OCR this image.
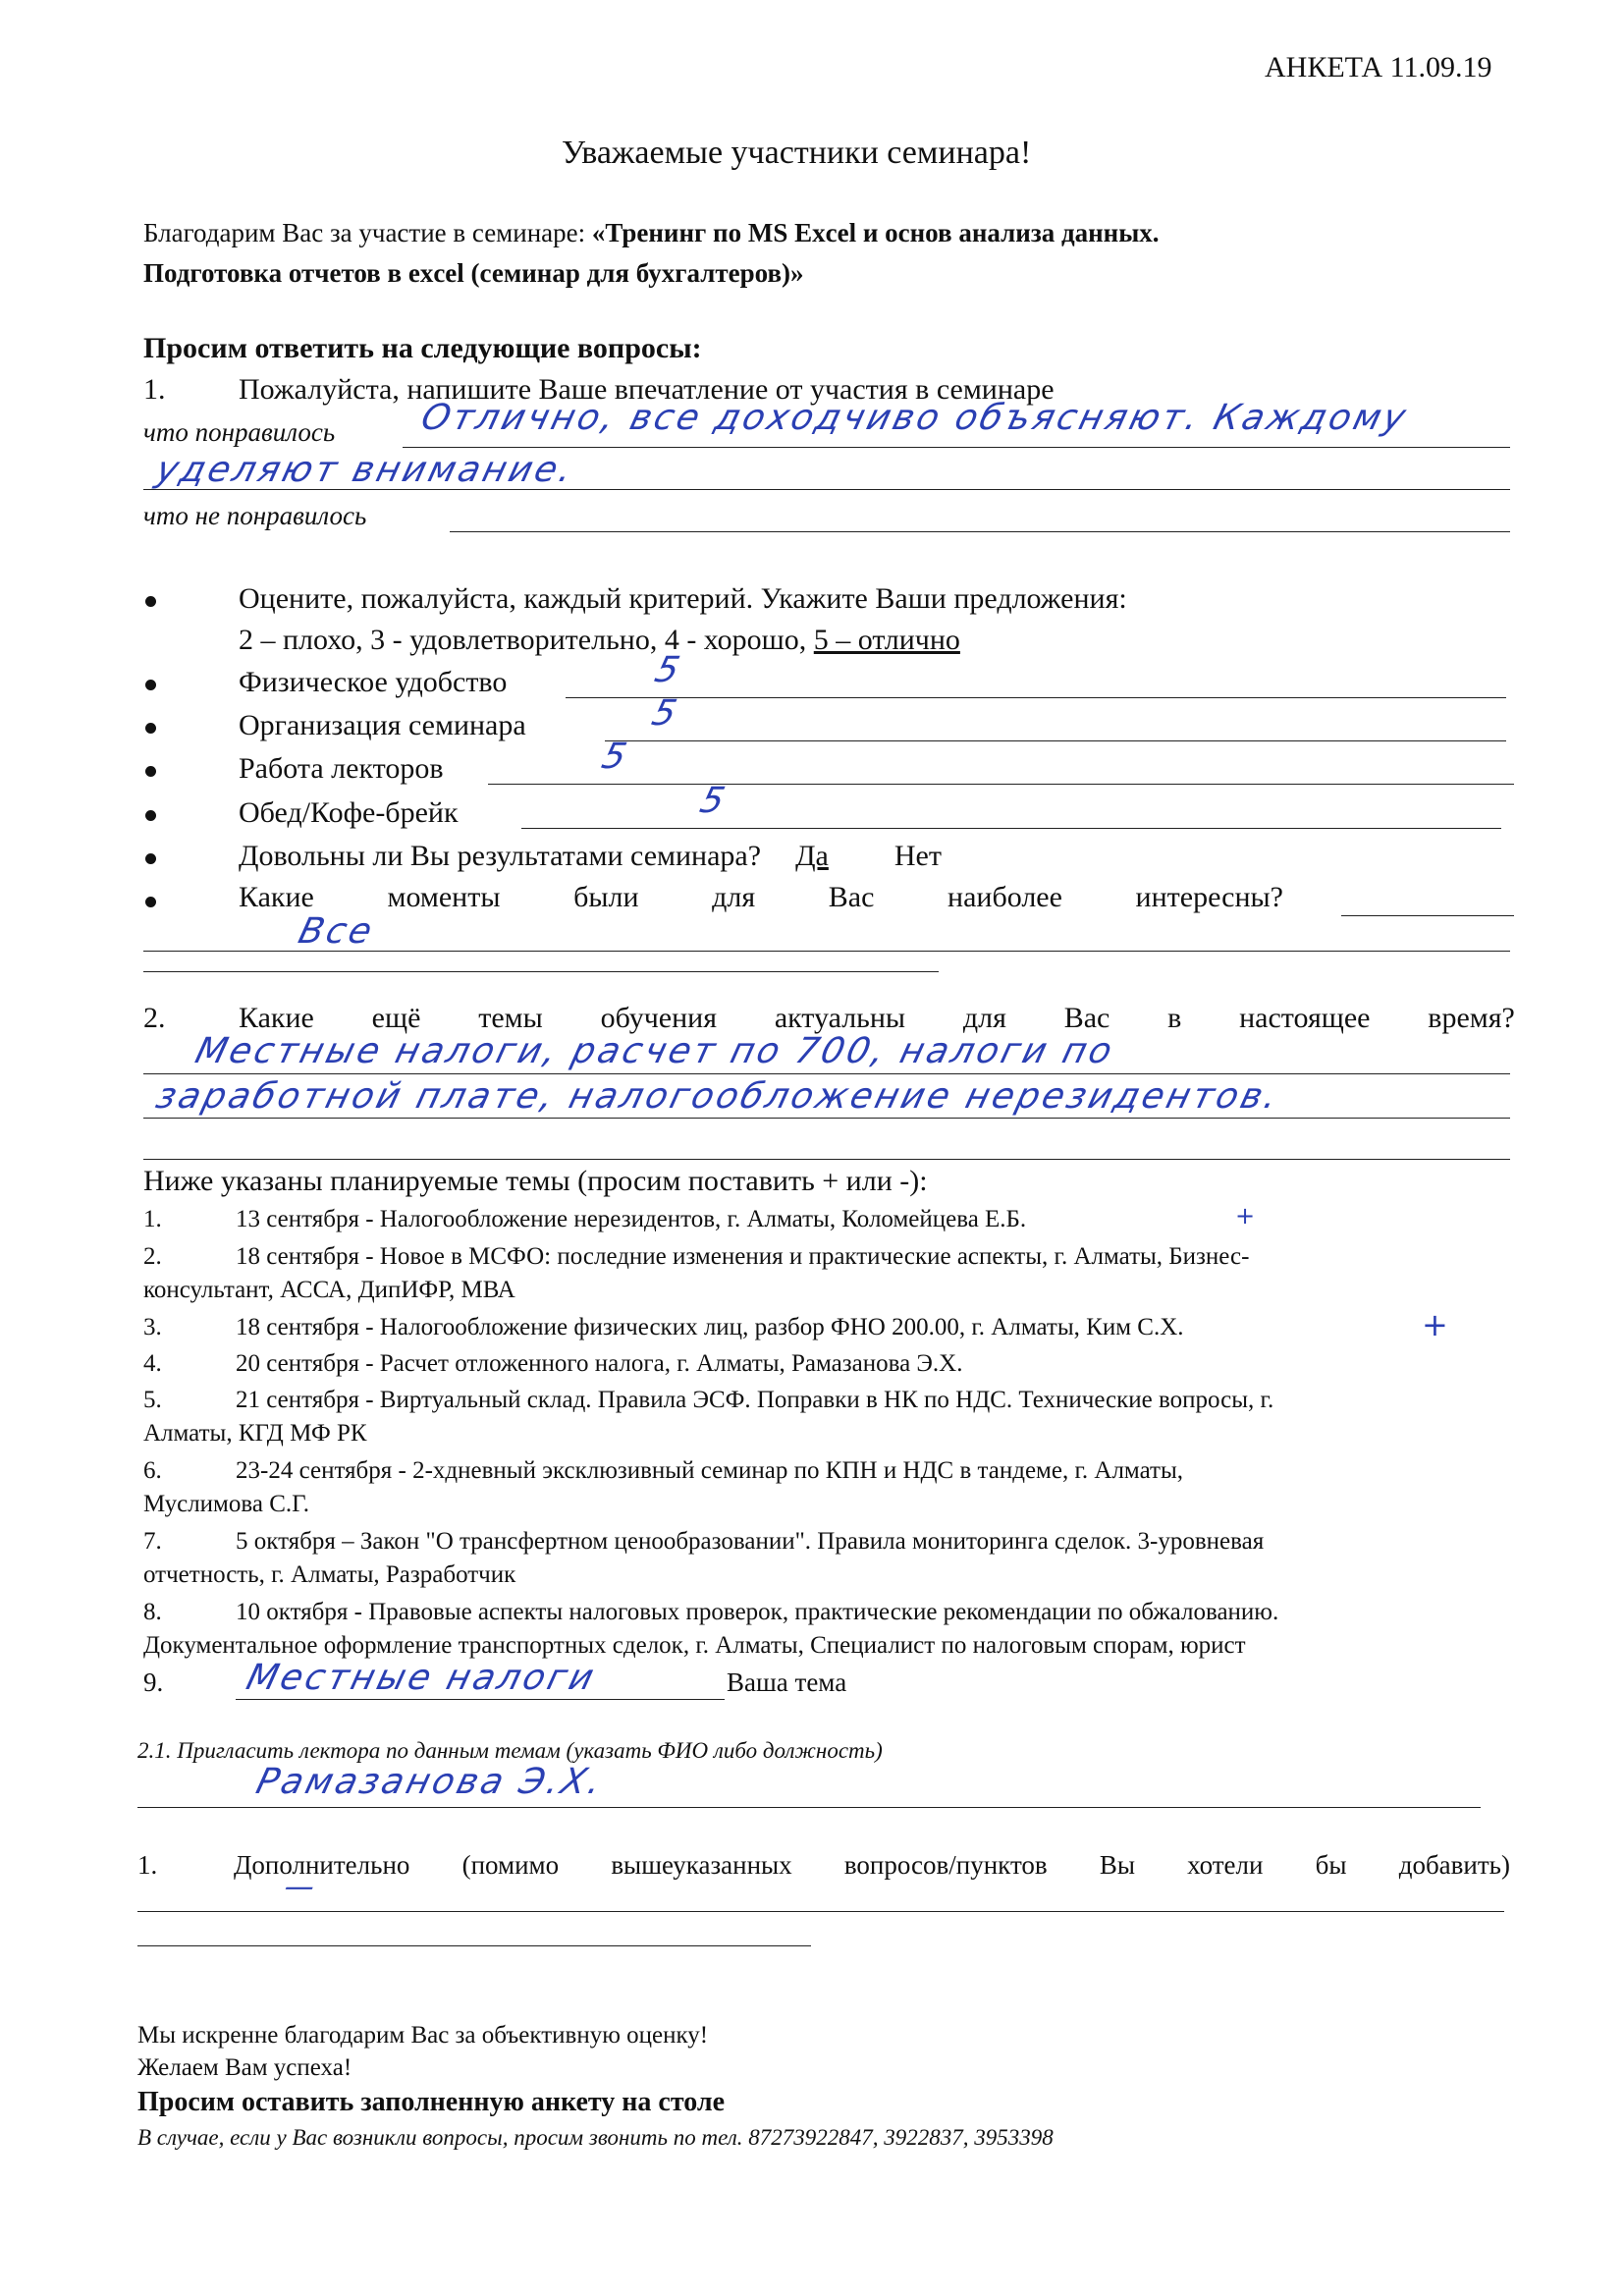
АНКЕТА 11.09.19
Уважаемые участники семинара!
Благодарим Вас за участие в семинаре: «Тренинг по MS Excel и основ анализа данных.
Подготовка отчетов в excel (семинар для бухгалтеров)»
Просим ответить на следующие вопросы:
1. Пожалуйста, напишите Ваше впечатление от участия в семинаре
что понравилось Отлично, все доходчиво объясняют. Каждому
уделяют внимание.
что не понравилось
Оцените, пожалуйста, каждый критерий. Укажите Ваши предложения:
2 – плохо, 3 - удовлетворительно, 4 - хорошо, 5 – отлично
Физическое удобство	5
Организация семинара	5
Работа лекторов	5
Обед/Кофе-брейк	5
Довольны ли Вы результатами семинара? Да Нет
Какие моменты были для Вас наиболее интересны?
Все
2. Какие ещё темы обучения актуальны для Вас в настоящее время?
Местные налоги, расчет по 700, налоги по
заработной плате, налогообложение нерезидентов.
Ниже указаны планируемые темы (просим поставить + или -):
1.	13 сентября - Налогообложение нерезидентов, г. Алматы, Коломейцева Е.Б.	+
2.	18 сентября - Новое в МСФО: последние изменения и практические аспекты, г. Алматы, Бизнес-
консультант, АССА, ДипИФР, МВА
3.	18 сентября - Налогообложение физических лиц, разбор ФНО 200.00, г. Алматы, Ким С.Х.	+
4.	20 сентября - Расчет отложенного налога, г. Алматы, Рамазанова Э.Х.
5.	21 сентября - Виртуальный склад. Правила ЭСФ. Поправки в НК по НДС. Технические вопросы, г.
Алматы, КГД МФ РК
6.	23-24 сентября - 2-хдневный эксклюзивный семинар по КПН и НДС в тандеме, г. Алматы,
Муслимова С.Г.
7.	5 октября – Закон "О трансфертном ценообразовании". Правила мониторинга сделок. 3-уровневая
отчетность, г. Алматы, Разработчик
8.	10 октября - Правовые аспекты налоговых проверок, практические рекомендации по обжалованию.
Документальное оформление транспортных сделок, г. Алматы, Специалист по налоговым спорам, юрист
9. Местные налоги	Ваша тема
2.1. Пригласить лектора по данным темам (указать ФИО либо должность)
Рамазанова Э.Х.
1.	Дополнительно (помимо вышеуказанных вопросов/пунктов Вы хотели бы добавить)
—
Мы искренне благодарим Вас за объективную оценку!
Желаем Вам успеха!
Просим оставить заполненную анкету на столе
В случае, если у Вас возникли вопросы, просим звонить по тел. 87273922847, 3922837, 3953398
